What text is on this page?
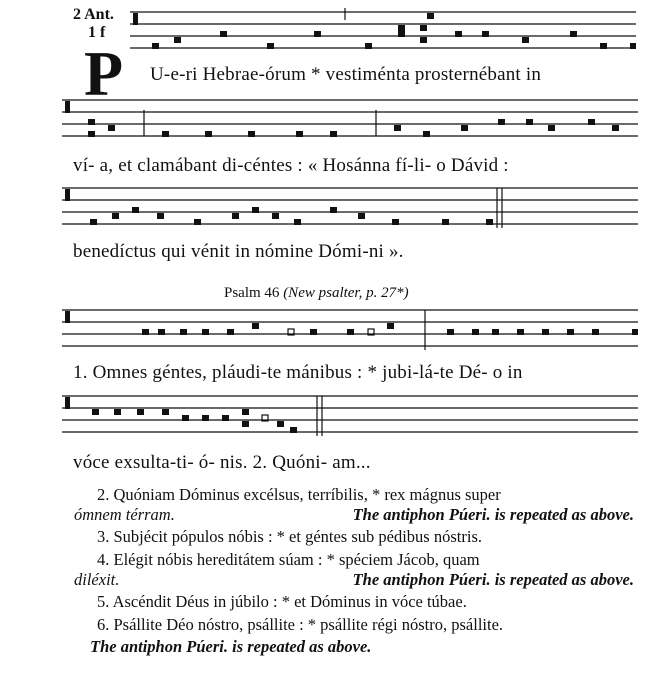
2 Ant.
1 f
P U-e-ri Hebrae-órum * vestiménta prosternébant in
ví- a, et clamábant di-céntes : « Hosánna fí-li- o Dávid :
benedíctus qui vénit in nómine Dómi-ni ».
Psalm 46 (New psalter, p. 27*)
1. Omnes géntes, pláudi-te mánibus : * jubi-lá-te Dé- o in
vóce exsulta-ti- ó- nis. 2. Quóni- am...
2. Quóniam Dóminus excélsus, terríbilis, * rex mágnus super
ómnem térram.	The antiphon Púeri. is repeated as above.
3. Subjécit pópulos nóbis : * et géntes sub pédibus nóstris.
4. Elégit nóbis hereditátem súam : * spéciem Jácob, quam
diléxit.	The antiphon Púeri. is repeated as above.
5. Ascéndit Déus in júbilo : * et Dóminus in vóce túbae.
6. Psállite Déo nóstro, psállite : * psállite régi nóstro, psállite.
The antiphon Púeri. is repeated as above.
